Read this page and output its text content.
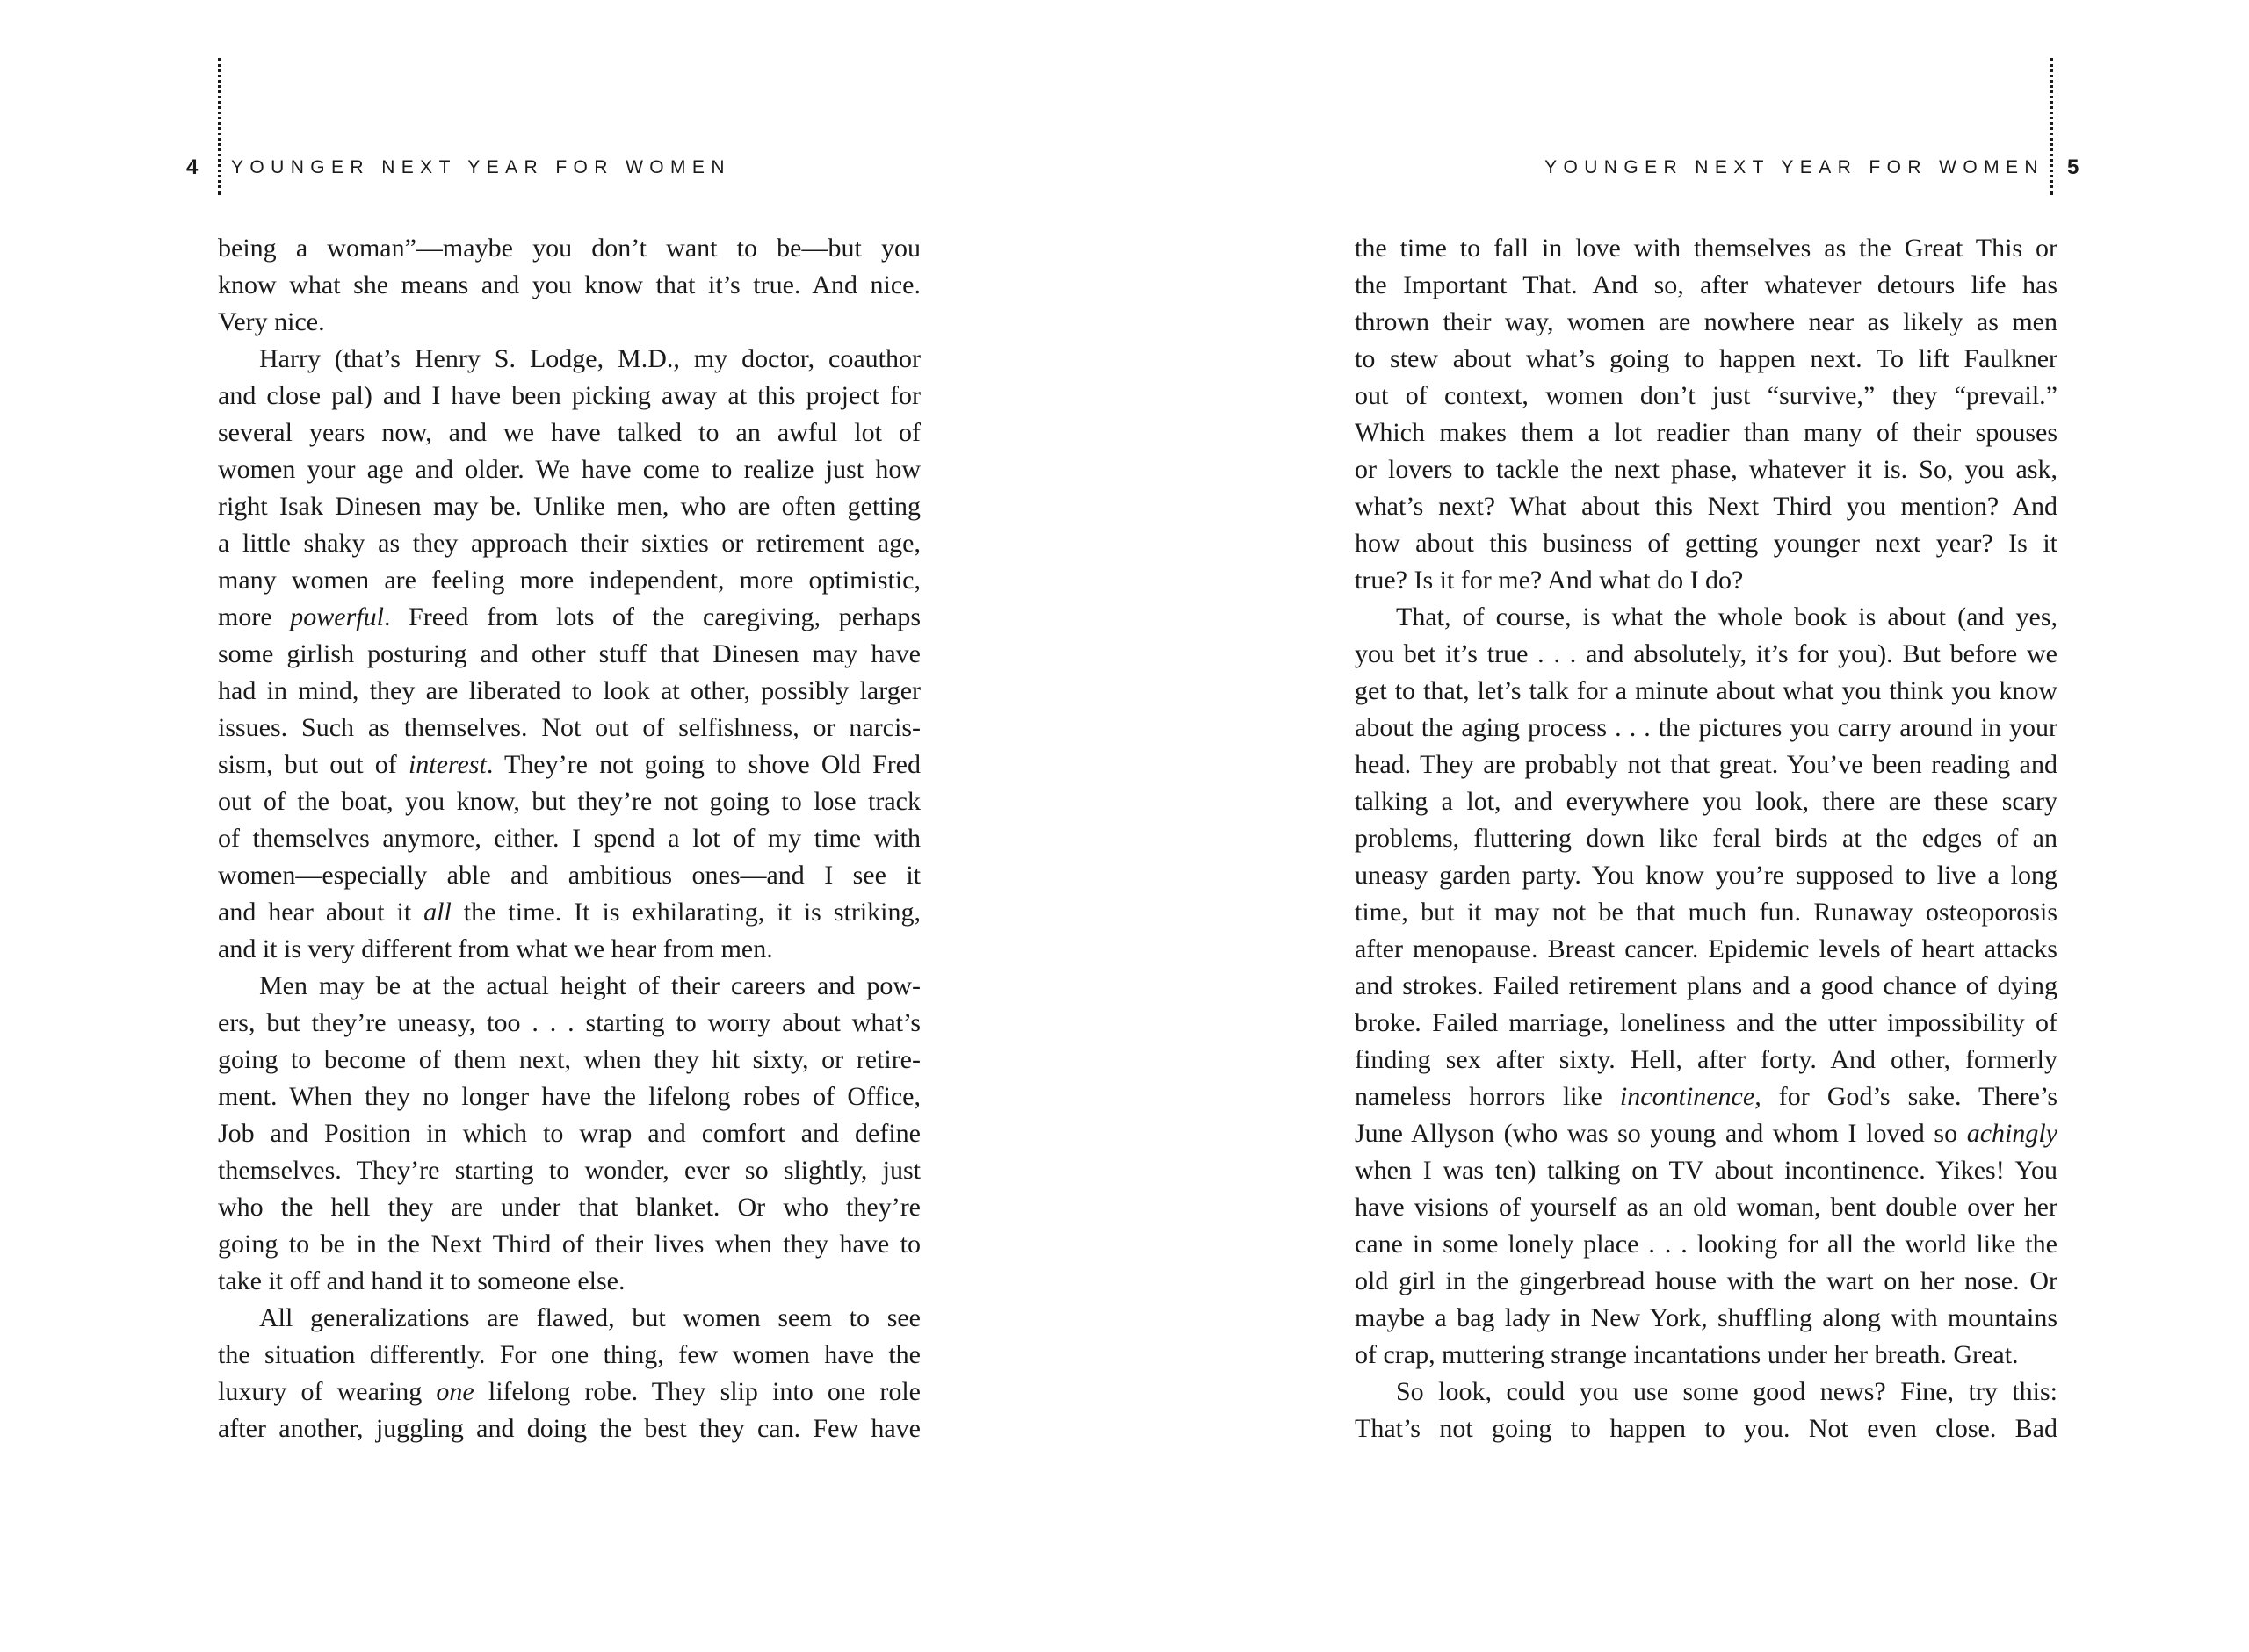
4 YOUNGER NEXT YEAR FOR WOMEN
being a woman”—maybe you don’t want to be—but you
know what she means and you know that it’s true. And nice.
Very nice.
Harry (that’s Henry S. Lodge, M.D., my doctor, coauthor
and close pal) and I have been picking away at this project for
several years now, and we have talked to an awful lot of
women your age and older. We have come to realize just how
right Isak Dinesen may be. Unlike men, who are often getting
a little shaky as they approach their sixties or retirement age,
many women are feeling more independent, more optimistic,
more powerful. Freed from lots of the caregiving, perhaps
some girlish posturing and other stuff that Dinesen may have
had in mind, they are liberated to look at other, possibly larger
issues. Such as themselves. Not out of selfishness, or narcis-
sism, but out of interest. They’re not going to shove Old Fred
out of the boat, you know, but they’re not going to lose track
of themselves anymore, either. I spend a lot of my time with
women—especially able and ambitious ones—and I see it
and hear about it all the time. It is exhilarating, it is striking,
and it is very different from what we hear from men.
Men may be at the actual height of their careers and pow-
ers, but they’re uneasy, too . . . starting to worry about what’s
going to become of them next, when they hit sixty, or retire-
ment. When they no longer have the lifelong robes of Office,
Job and Position in which to wrap and comfort and define
themselves. They’re starting to wonder, ever so slightly, just
who the hell they are under that blanket. Or who they’re
going to be in the Next Third of their lives when they have to
take it off and hand it to someone else.
All generalizations are flawed, but women seem to see
the situation differently. For one thing, few women have the
luxury of wearing one lifelong robe. They slip into one role
after another, juggling and doing the best they can. Few have
YOUNGER NEXT YEAR FOR WOMEN 5
the time to fall in love with themselves as the Great This or
the Important That. And so, after whatever detours life has
thrown their way, women are nowhere near as likely as men
to stew about what’s going to happen next. To lift Faulkner
out of context, women don’t just “survive,” they “prevail.”
Which makes them a lot readier than many of their spouses
or lovers to tackle the next phase, whatever it is. So, you ask,
what’s next? What about this Next Third you mention? And
how about this business of getting younger next year? Is it
true? Is it for me? And what do I do?
That, of course, is what the whole book is about (and yes,
you bet it’s true . . . and absolutely, it’s for you). But before we
get to that, let’s talk for a minute about what you think you know
about the aging process . . . the pictures you carry around in your
head. They are probably not that great. You’ve been reading and
talking a lot, and everywhere you look, there are these scary
problems, fluttering down like feral birds at the edges of an
uneasy garden party. You know you’re supposed to live a long
time, but it may not be that much fun. Runaway osteoporosis
after menopause. Breast cancer. Epidemic levels of heart attacks
and strokes. Failed retirement plans and a good chance of dying
broke. Failed marriage, loneliness and the utter impossibility of
finding sex after sixty. Hell, after forty. And other, formerly
nameless horrors like incontinence, for God’s sake. There’s
June Allyson (who was so young and whom I loved so achingly
when I was ten) talking on TV about incontinence. Yikes! You
have visions of yourself as an old woman, bent double over her
cane in some lonely place . . . looking for all the world like the
old girl in the gingerbread house with the wart on her nose. Or
maybe a bag lady in New York, shuffling along with mountains
of crap, muttering strange incantations under her breath. Great.
So look, could you use some good news? Fine, try this:
That’s not going to happen to you. Not even close. Bad
